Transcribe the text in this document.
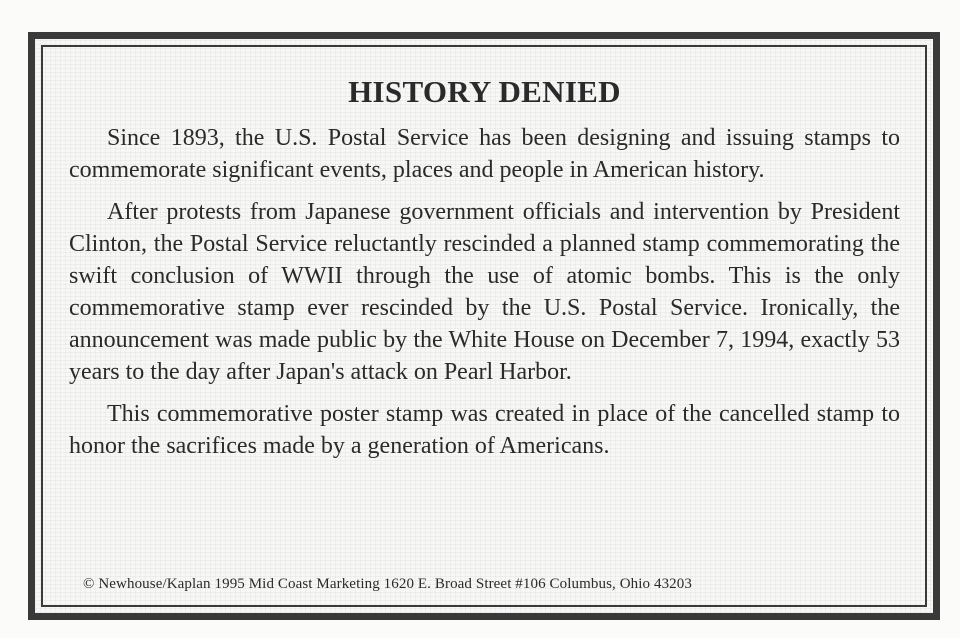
HISTORY DENIED

Since 1893, the U.S. Postal Service has been designing and issuing stamps to commemorate significant events, places and people in American history.

After protests from Japanese government officials and intervention by President Clinton, the Postal Service reluctantly rescinded a planned stamp commemorating the swift conclusion of WWII through the use of atomic bombs. This is the only commemorative stamp ever rescinded by the U.S. Postal Service. Ironically, the announcement was made public by the White House on December 7, 1994, exactly 53 years to the day after Japan's attack on Pearl Harbor.

This commemorative poster stamp was created in place of the cancelled stamp to honor the sacrifices made by a generation of Americans.

© Newhouse/Kaplan 1995 Mid Coast Marketing 1620 E. Broad Street #106 Columbus, Ohio 43203
